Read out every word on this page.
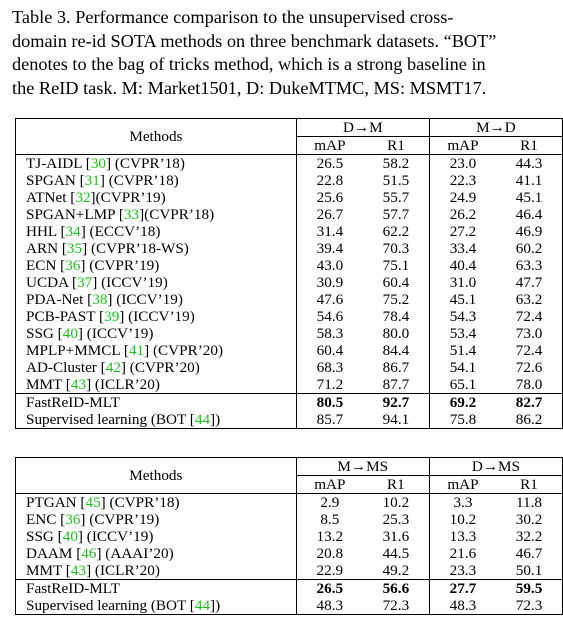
Table 3. Performance comparison to the unsupervised cross-
domain re-id SOTA methods on three benchmark datasets. “BOT”
denotes to the bag of tricks method, which is a strong baseline in
the ReID task. M: Market1501, D: DukeMTMC, MS: MSMT17.
Methods	D→M		M→D	
	mAP	R1	mAP	R1
TJ-AIDL [30] (CVPR’18)	26.5	58.2	23.0	44.3
SPGAN [31] (CVPR’18)	22.8	51.5	22.3	41.1
ATNet [32](CVPR’19)	25.6	55.7	24.9	45.1
SPGAN+LMP [33](CVPR’18)	26.7	57.7	26.2	46.4
HHL [34] (ECCV’18)	31.4	62.2	27.2	46.9
ARN [35] (CVPR’18-WS)	39.4	70.3	33.4	60.2
ECN [36] (CVPR’19)	43.0	75.1	40.4	63.3
UCDA [37] (ICCV’19)	30.9	60.4	31.0	47.7
PDA-Net [38] (ICCV’19)	47.6	75.2	45.1	63.2
PCB-PAST [39] (ICCV’19)	54.6	78.4	54.3	72.4
SSG [40] (ICCV’19)	58.3	80.0	53.4	73.0
MPLP+MMCL [41] (CVPR’20)	60.4	84.4	51.4	72.4
AD-Cluster [42] (CVPR’20)	68.3	86.7	54.1	72.6
MMT [43] (ICLR’20)	71.2	87.7	65.1	78.0
FastReID-MLT	80.5	92.7	69.2	82.7
Supervised learning (BOT [44])	85.7	94.1	75.8	86.2
Methods	M→MS		D→MS	
	mAP	R1	mAP	R1
PTGAN [45] (CVPR’18)	2.9	10.2	3.3	11.8
ENC [36] (CVPR’19)	8.5	25.3	10.2	30.2
SSG [40] (ICCV’19)	13.2	31.6	13.3	32.2
DAAM [46] (AAAI’20)	20.8	44.5	21.6	46.7
MMT [43] (ICLR’20)	22.9	49.2	23.3	50.1
FastReID-MLT	26.5	56.6	27.7	59.5
Supervised learning (BOT [44])	48.3	72.3	48.3	72.3
